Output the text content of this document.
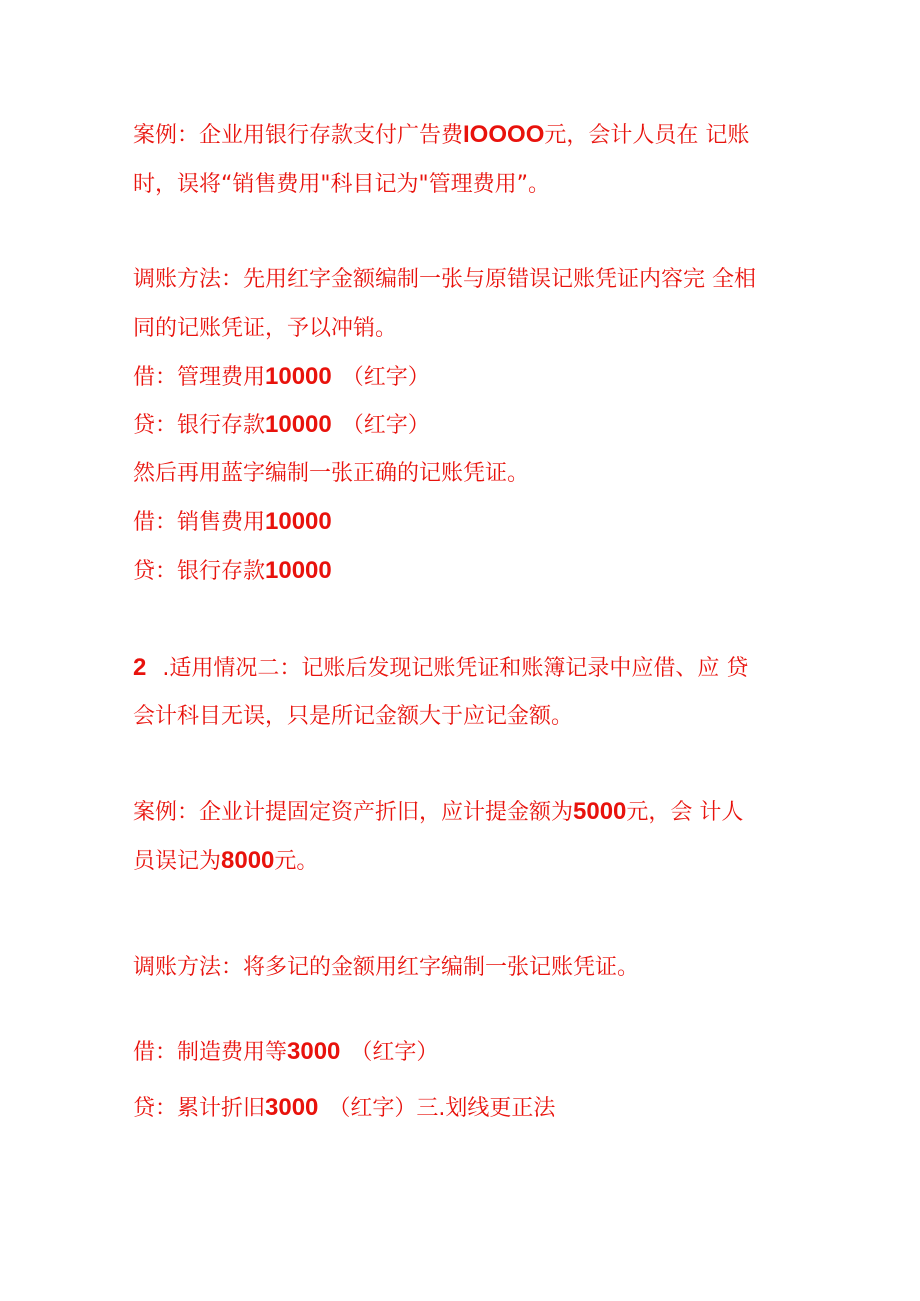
案例：企业用银行存款支付广告费IOOOO元，会计人员在 记账
时，误将“销售费用"科目记为"管理费用”。
调账方法：先用红字金额编制一张与原错误记账凭证内容完 全相
同的记账凭证，予以冲销。
借：管理费用10000 （红字）
贷：银行存款10000 （红字）
然后再用蓝字编制一张正确的记账凭证。
借：销售费用10000
贷：银行存款10000
2 .适用情况二：记账后发现记账凭证和账簿记录中应借、应 贷
会计科目无误，只是所记金额大于应记金额。
案例：企业计提固定资产折旧，应计提金额为5000元，会 计人
员误记为8000元。
调账方法：将多记的金额用红字编制一张记账凭证。
借：制造费用等3000 （红字）
贷：累计折旧3000 （红字）三.划线更正法
